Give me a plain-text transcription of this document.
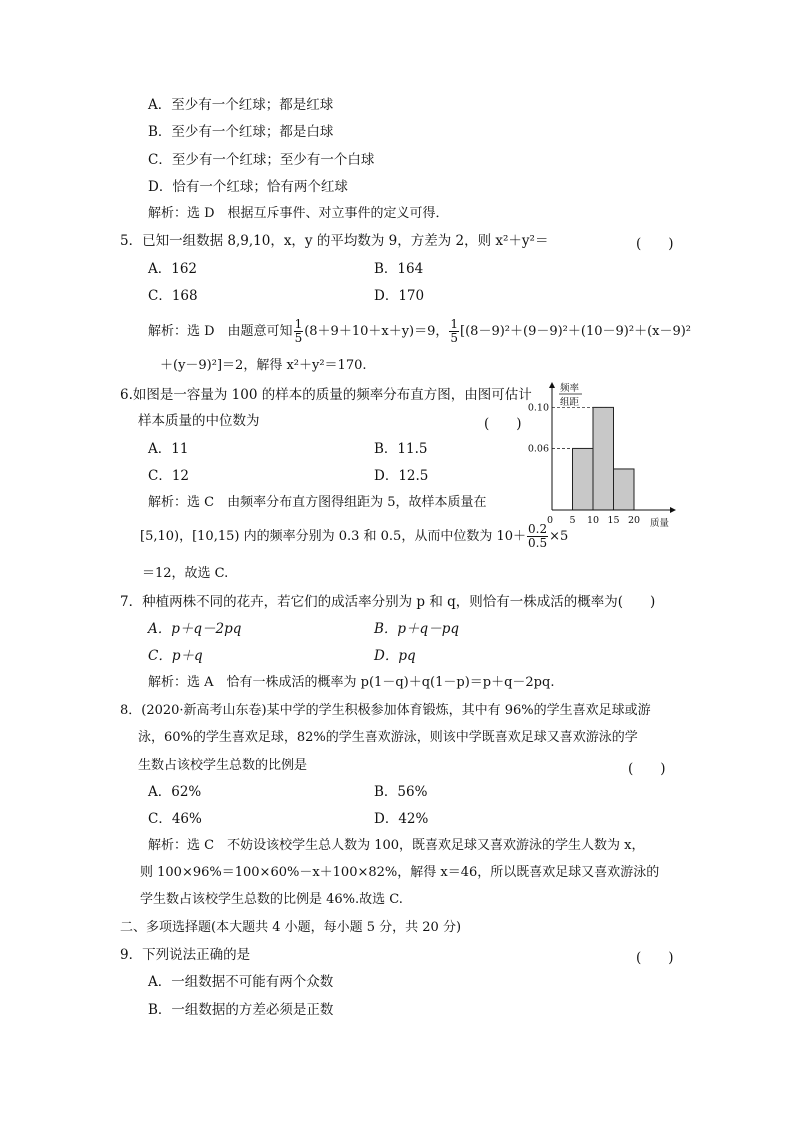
A．至少有一个红球；都是红球
B．至少有一个红球；都是白球
C．至少有一个红球；至少有一个白球
D．恰有一个红球；恰有两个红球
解析：选 D　根据互斥事件、对立事件的定义可得．
5．已知一组数据 8,9,10，x，y 的平均数为 9，方差为 2，则 x²＋y²＝	(　　)
A．162	B．164
C．168	D．170
解析：选 D　由题意可知 $\frac{1}{5} (8+9+10+x+y)=9$， $\frac{1}{5} [(8-9)^2+(9-9)^2+(10-9)^2+(x-9)^2$
＋(y－9)²]＝2，解得 x²＋y²＝170.
6.如图是一容量为 100 的样本的质量的频率分布直方图，由图可估计
样本质量的中位数为	(　　)
A．11	B．11.5
C．12	D．12.5
解析：选 C　由频率分布直方图得组距为 5，故样本质量在
[5,10)，[10,15) 内的频率分别为 0.3 和 0.5，从而中位数为 $10+ \frac{0.2}{0.5} \times 5$
＝12，故选 C.
0.06
0.10
0 5 10 15 20
频率
组距
质量
7．种植两株不同的花卉，若它们的成活率分别为 p 和 q，则恰有一株成活的概率为(　　)
A．p＋q－2pq	B．p＋q－pq
C．p＋q	D．pq
解析：选 A　恰有一株成活的概率为 p(1－q)＋q(1－p)＝p＋q－2pq.
8．(2020·新高考山东卷)某中学的学生积极参加体育锻炼，其中有 96%的学生喜欢足球或游
泳，60%的学生喜欢足球，82%的学生喜欢游泳，则该中学既喜欢足球又喜欢游泳的学
生数占该校学生总数的比例是	(　　)
A．62%	B．56%
C．46%	D．42%
解析：选 C　不妨设该校学生总人数为 100，既喜欢足球又喜欢游泳的学生人数为 x，
则 100×96%＝100×60%－x＋100×82%，解得 x＝46，所以既喜欢足球又喜欢游泳的
学生数占该校学生总数的比例是 46%.故选 C.
二、多项选择题(本大题共 4 小题，每小题 5 分，共 20 分)
9．下列说法正确的是	(　　)
A．一组数据不可能有两个众数
B．一组数据的方差必须是正数
